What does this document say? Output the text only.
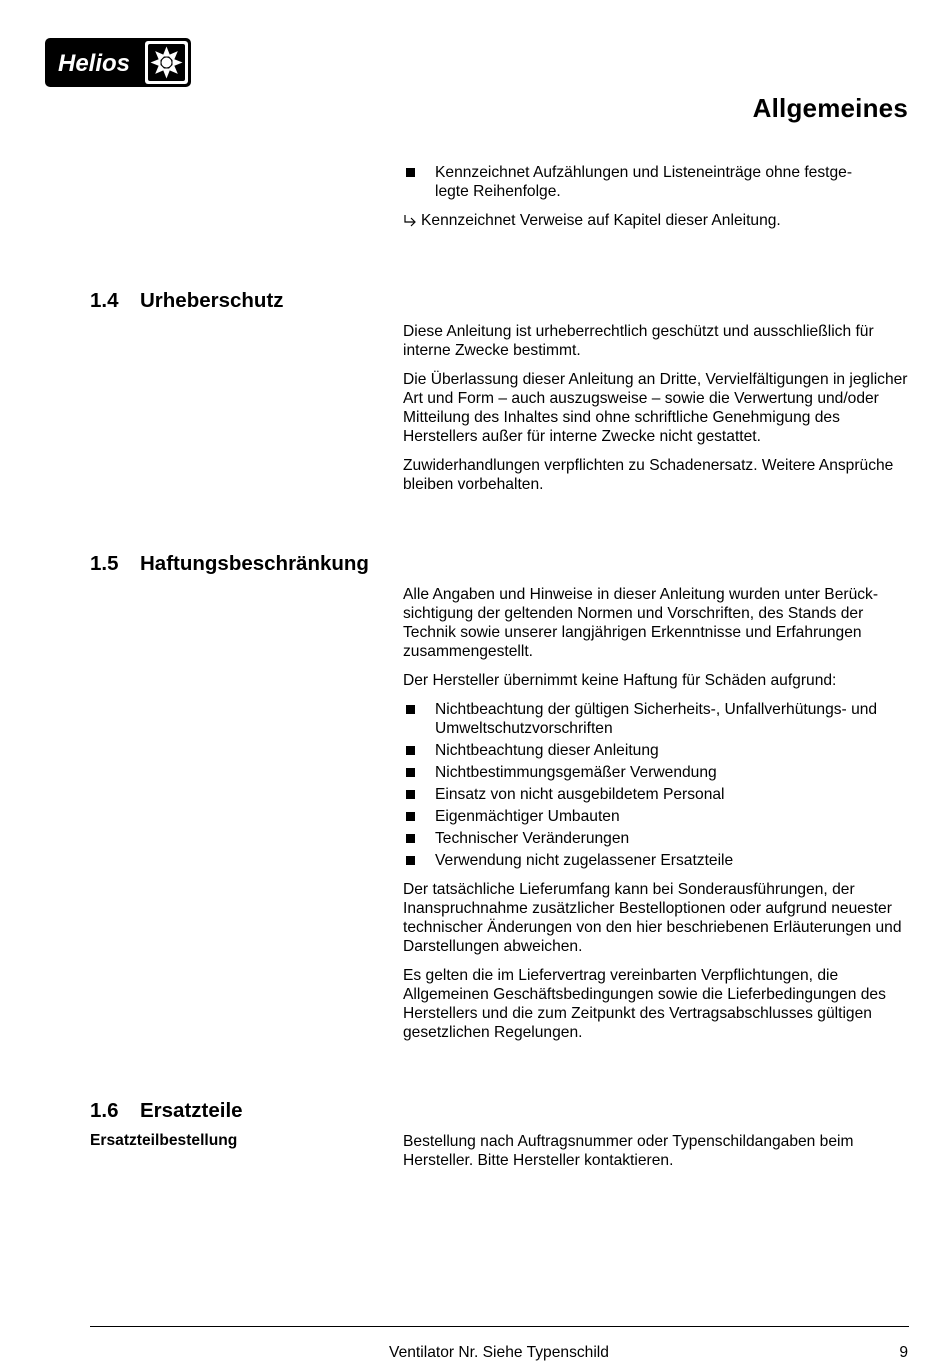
Helios
Allgemeines
Kennzeichnet Aufzählungen und Listeneinträge ohne festge-
legte Reihenfolge.
Kennzeichnet Verweise auf Kapitel dieser Anleitung.
1.4 Urheberschutz

Diese Anleitung ist urheberrechtlich geschützt und ausschließlich für interne Zwecke bestimmt.

Die Überlassung dieser Anleitung an Dritte, Vervielfältigungen in jeglicher Art und Form – auch auszugsweise – sowie die Verwertung und/oder Mitteilung des Inhaltes sind ohne schriftliche Genehmigung des Herstellers außer für interne Zwecke nicht gestattet.

Zuwiderhandlungen verpflichten zu Schadenersatz. Weitere Ansprüche bleiben vorbehalten.

1.5 Haftungsbeschränkung

Alle Angaben und Hinweise in dieser Anleitung wurden unter Berück-sichtigung der geltenden Normen und Vorschriften, des Stands der Technik sowie unserer langjährigen Erkenntnisse und Erfahrungen zusammengestellt.

Der Hersteller übernimmt keine Haftung für Schäden aufgrund:

Nichtbeachtung der gültigen Sicherheits-, Unfallverhütungs- und Umweltschutzvorschriften
Nichtbeachtung dieser Anleitung
Nichtbestimmungsgemäßer Verwendung
Einsatz von nicht ausgebildetem Personal
Eigenmächtiger Umbauten
Technischer Veränderungen
Verwendung nicht zugelassener Ersatzteile

Der tatsächliche Lieferumfang kann bei Sonderausführungen, der Inanspruchnahme zusätzlicher Bestelloptionen oder aufgrund neuester technischer Änderungen von den hier beschriebenen Erläuterungen und Darstellungen abweichen.

Es gelten die im Liefervertrag vereinbarten Verpflichtungen, die Allgemeinen Geschäftsbedingungen sowie die Lieferbedingungen des Herstellers und die zum Zeitpunkt des Vertragsabschlusses gültigen gesetzlichen Regelungen.

1.6 Ersatzteile
Ersatzteilbestellung	Bestellung nach Auftragsnummer oder Typenschildangaben beim Hersteller. Bitte Hersteller kontaktieren.

Ventilator Nr. Siehe Typenschild	9
